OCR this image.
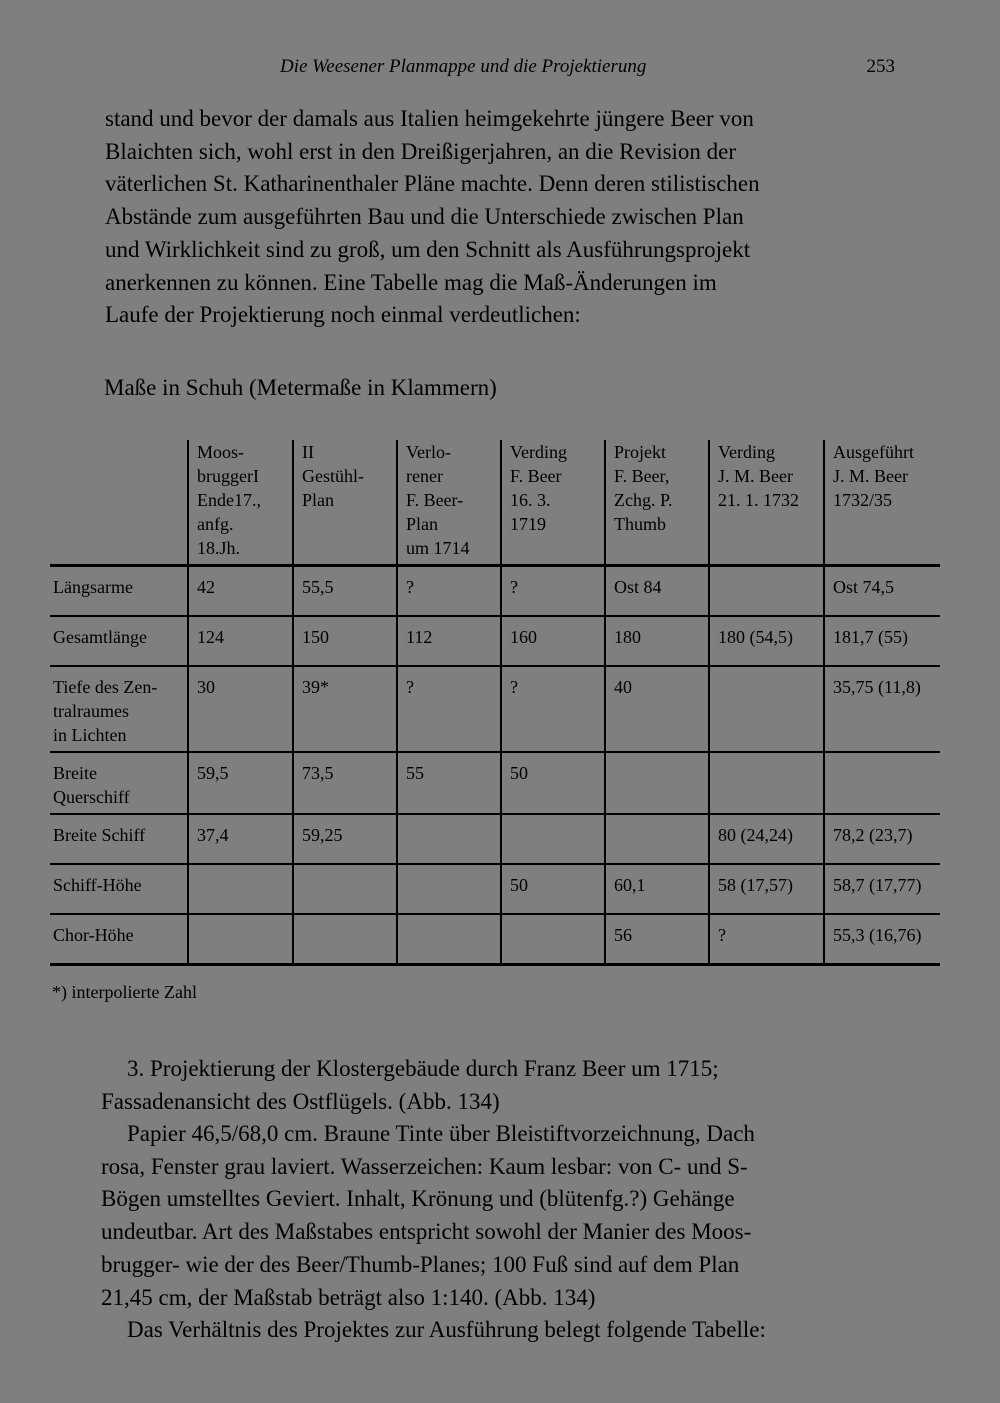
Die Weesener Planmappe und die Projektierung	253
stand und bevor der damals aus Italien heimgekehrte jüngere Beer von
Blaichten sich, wohl erst in den Dreißigerjahren, an die Revision der
väterlichen St. Katharinenthaler Pläne machte. Denn deren stilistischen
Abstände zum ausgeführten Bau und die Unterschiede zwischen Plan
und Wirklichkeit sind zu groß, um den Schnitt als Ausführungsprojekt
anerkennen zu können. Eine Tabelle mag die Maß-Änderungen im
Laufe der Projektierung noch einmal verdeutlichen:
Maße in Schuh (Metermaße in Klammern)

	Moos-
bruggerI
Ende17.,
anfg.
18.Jh.	II
Gestühl-
Plan	Verlo-
rener
F. Beer-
Plan
um 1714	Verding
F. Beer
16. 3.
1719	Projekt
F. Beer,
Zchg. P.
Thumb	Verding
J. M. Beer
21. 1. 1732	Ausgeführt
J. M. Beer
1732/35

Längsarme	42	55,5	?	?	Ost 84		Ost 74,5

Gesamtlänge	124	150	112	160	180	180 (54,5)	181,7 (55)

Tiefe des Zen-
tralraumes
in Lichten	30	39*	?	?	40		35,75 (11,8)

Breite
Querschiff	59,5	73,5	55	50			

Breite Schiff	37,4	59,25				80 (24,24)	78,2 (23,7)

Schiff-Höhe				50	60,1	58 (17,57)	58,7 (17,77)

Chor-Höhe					56	?	55,3 (16,76)
*) interpolierte Zahl
3. Projektierung der Klostergebäude durch Franz Beer um 1715;
Fassadenansicht des Ostflügels. (Abb. 134)
Papier 46,5/68,0 cm. Braune Tinte über Bleistiftvorzeichnung, Dach
rosa, Fenster grau laviert. Wasserzeichen: Kaum lesbar: von C- und S-
Bögen umstelltes Geviert. Inhalt, Krönung und (blütenfg.?) Gehänge
undeutbar. Art des Maßstabes entspricht sowohl der Manier des Moos-
brugger- wie der des Beer/Thumb-Planes; 100 Fuß sind auf dem Plan
21,45 cm, der Maßstab beträgt also 1:140. (Abb. 134)
Das Verhältnis des Projektes zur Ausführung belegt folgende Tabelle:
